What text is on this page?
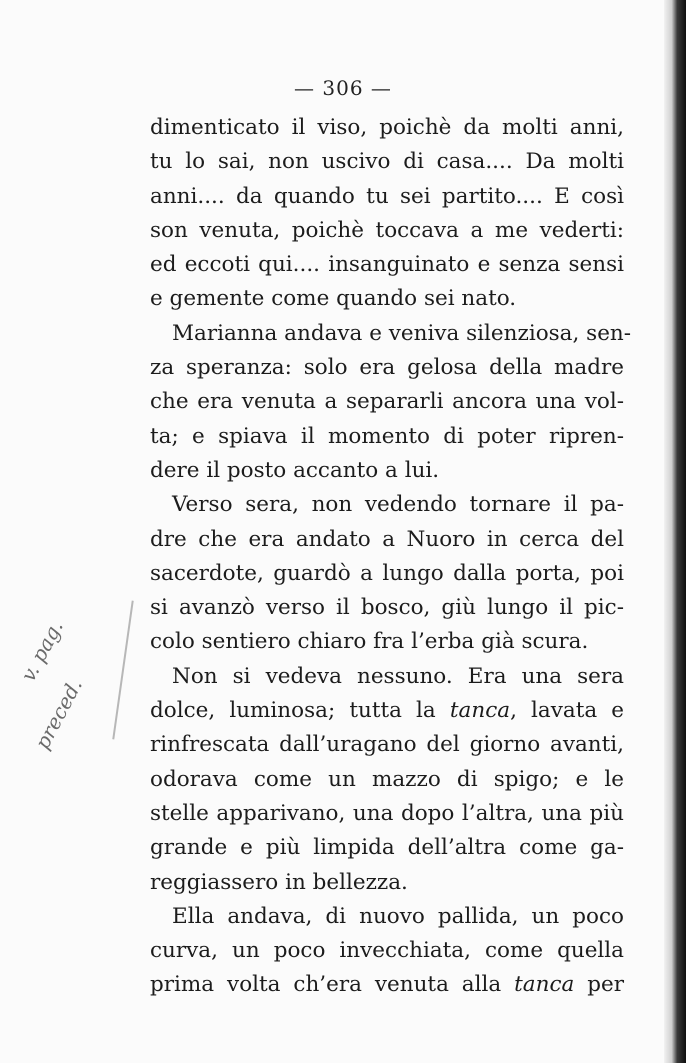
— 306 —
dimenticato il viso, poichè da molti anni,
tu lo sai, non uscivo di casa.... Da molti
anni.... da quando tu sei partito.... E così
son venuta, poichè toccava a me vederti:
ed eccoti qui.... insanguinato e senza sensi
e gemente come quando sei nato.
Marianna andava e veniva silenziosa, sen-
za speranza: solo era gelosa della madre
che era venuta a separarli ancora una vol-
ta; e spiava il momento di poter ripren-
dere il posto accanto a lui.
Verso sera, non vedendo tornare il pa-
dre che era andato a Nuoro in cerca del
sacerdote, guardò a lungo dalla porta, poi
si avanzò verso il bosco, giù lungo il pic-
colo sentiero chiaro fra l’erba già scura.
Non si vedeva nessuno. Era una sera
dolce, luminosa; tutta la tanca, lavata e
rinfrescata dall’uragano del giorno avanti,
odorava come un mazzo di spigo; e le
stelle apparivano, una dopo l’altra, una più
grande e più limpida dell’altra come ga-
reggiassero in bellezza.
Ella andava, di nuovo pallida, un poco
curva, un poco invecchiata, come quella
prima volta ch’era venuta alla tanca per
v. pag.
preced.
